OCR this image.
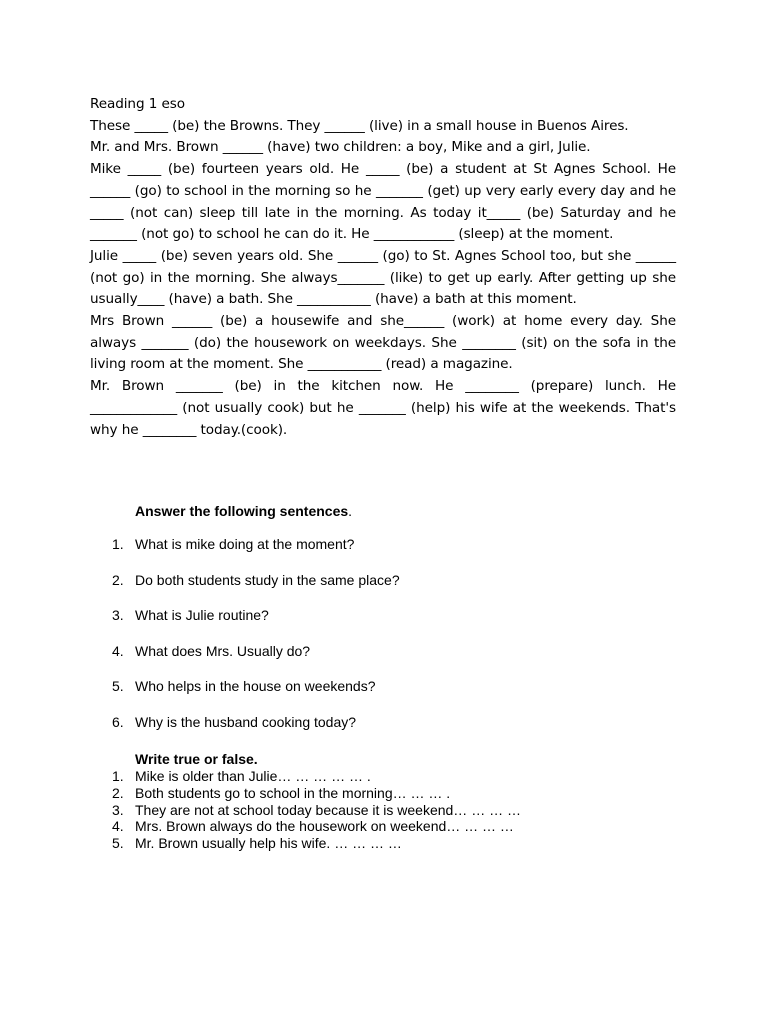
Reading 1 eso

These _____ (be) the Browns. They ______ (live) in a small house in Buenos Aires.

Mr. and Mrs. Brown ______ (have) two children: a boy, Mike and a girl, Julie.

Mike _____ (be) fourteen years old. He _____ (be) a student at St Agnes School. He ______ (go) to school in the morning so he _______ (get) up very early every day and he _____ (not can) sleep till late in the morning. As today it_____ (be) Saturday and he _______ (not go) to school he can do it. He ____________ (sleep) at the moment.

Julie _____ (be) seven years old. She ______ (go) to St. Agnes School too, but she ______ (not go) in the morning. She always_______ (like) to get up early. After getting up she usually____ (have) a bath. She ___________ (have) a bath at this moment.

Mrs Brown ______ (be) a housewife and she______ (work) at home every day. She always _______ (do) the housework on weekdays. She ________ (sit) on the sofa in the living room at the moment. She ___________ (read) a magazine.

Mr. Brown _______ (be) in the kitchen now. He ________ (prepare) lunch. He _____________ (not usually cook) but he _______ (help) his wife at the weekends. That's why he ________ today.(cook).

Answer the following sentences.
1. What is mike doing at the moment?
2. Do both students study in the same place?
3. What is Julie routine?
4. What does Mrs. Usually do?
5. Who helps in the house on weekends?
6. Why is the husband cooking today?
Write true or false.
1. Mike is older than Julie… … … … … .
2. Both students go to school in the morning… … … .
3. They are not at school today because it is weekend… … … …
4. Mrs. Brown always do the housework on weekend… … … …
5. Mr. Brown usually help his wife. … … … …
